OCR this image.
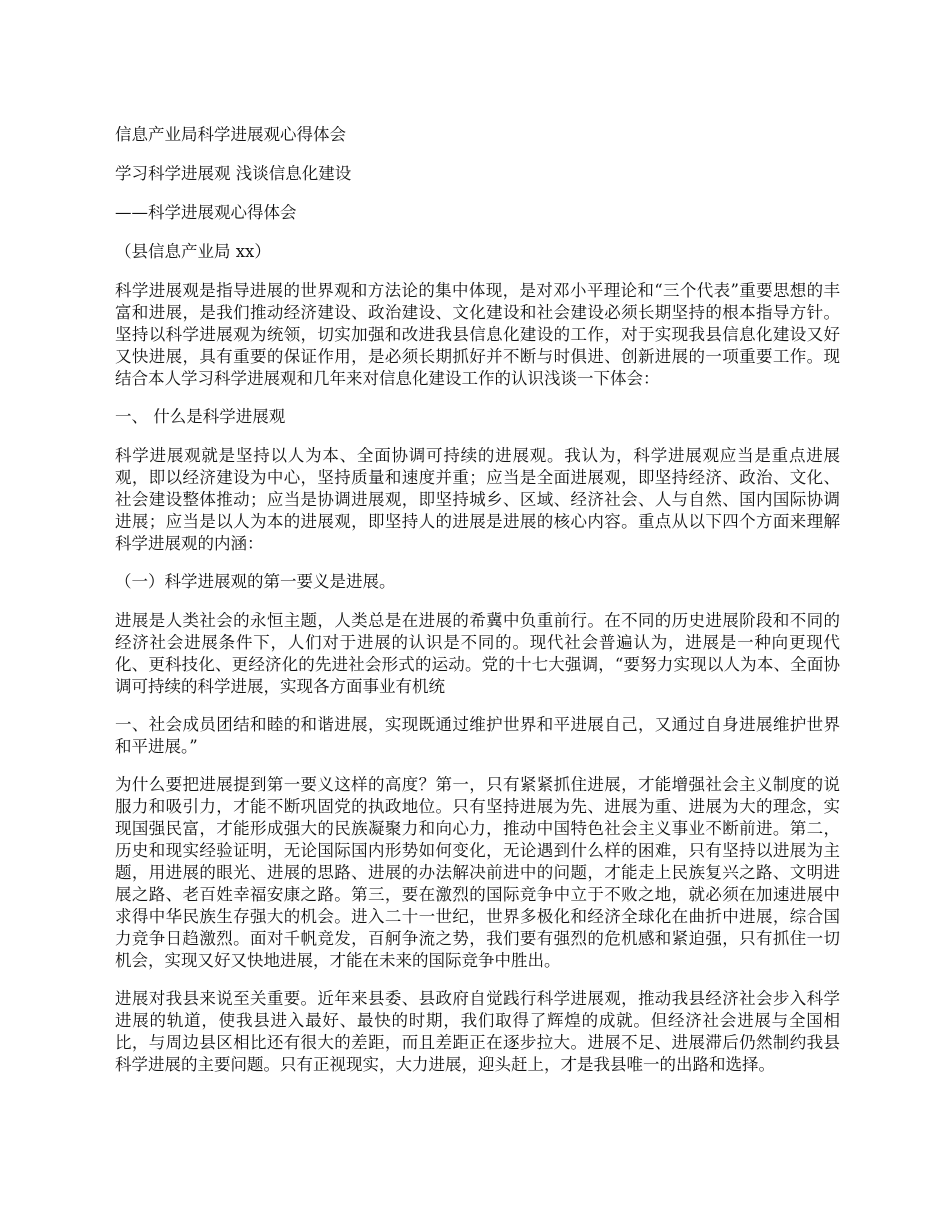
信息产业局科学进展观心得体会

学习科学进展观 浅谈信息化建设

——科学进展观心得体会

（县信息产业局 xx）

科学进展观是指导进展的世界观和方法论的集中体现，是对邓小平理论和“三个代表”重要思想的丰富和进展，是我们推动经济建设、政治建设、文化建设和社会建设必须长期坚持的根本指导方针。坚持以科学进展观为统领，切实加强和改进我县信息化建设的工作，对于实现我县信息化建设又好又快进展，具有重要的保证作用，是必须长期抓好并不断与时俱进、创新进展的一项重要工作。现结合本人学习科学进展观和几年来对信息化建设工作的认识浅谈一下体会：

一、 什么是科学进展观

科学进展观就是坚持以人为本、全面协调可持续的进展观。我认为，科学进展观应当是重点进展观，即以经济建设为中心，坚持质量和速度并重；应当是全面进展观，即坚持经济、政治、文化、社会建设整体推动；应当是协调进展观，即坚持城乡、区域、经济社会、人与自然、国内国际协调进展；应当是以人为本的进展观，即坚持人的进展是进展的核心内容。重点从以下四个方面来理解科学进展观的内涵：

（一）科学进展观的第一要义是进展。

进展是人类社会的永恒主题，人类总是在进展的希冀中负重前行。在不同的历史进展阶段和不同的经济社会进展条件下，人们对于进展的认识是不同的。现代社会普遍认为，进展是一种向更现代化、更科技化、更经济化的先进社会形式的运动。党的十七大强调，“要努力实现以人为本、全面协调可持续的科学进展，实现各方面事业有机统

一、社会成员团结和睦的和谐进展，实现既通过维护世界和平进展自己，又通过自身进展维护世界和平进展。”

为什么要把进展提到第一要义这样的高度？第一，只有紧紧抓住进展，才能增强社会主义制度的说服力和吸引力，才能不断巩固党的执政地位。只有坚持进展为先、进展为重、进展为大的理念，实现国强民富，才能形成强大的民族凝聚力和向心力，推动中国特色社会主义事业不断前进。第二，历史和现实经验证明，无论国际国内形势如何变化，无论遇到什么样的困难，只有坚持以进展为主题，用进展的眼光、进展的思路、进展的办法解决前进中的问题，才能走上民族复兴之路、文明进展之路、老百姓幸福安康之路。第三，要在激烈的国际竞争中立于不败之地，就必须在加速进展中求得中华民族生存强大的机会。进入二十一世纪，世界多极化和经济全球化在曲折中进展，综合国力竞争日趋激烈。面对千帆竞发，百舸争流之势，我们要有强烈的危机感和紧迫强，只有抓住一切机会，实现又好又快地进展，才能在未来的国际竞争中胜出。

进展对我县来说至关重要。近年来县委、县政府自觉践行科学进展观，推动我县经济社会步入科学进展的轨道，使我县进入最好、最快的时期，我们取得了辉煌的成就。但经济社会进展与全国相比，与周边县区相比还有很大的差距，而且差距正在逐步拉大。进展不足、进展滞后仍然制约我县科学进展的主要问题。只有正视现实，大力进展，迎头赶上，才是我县唯一的出路和选择。
